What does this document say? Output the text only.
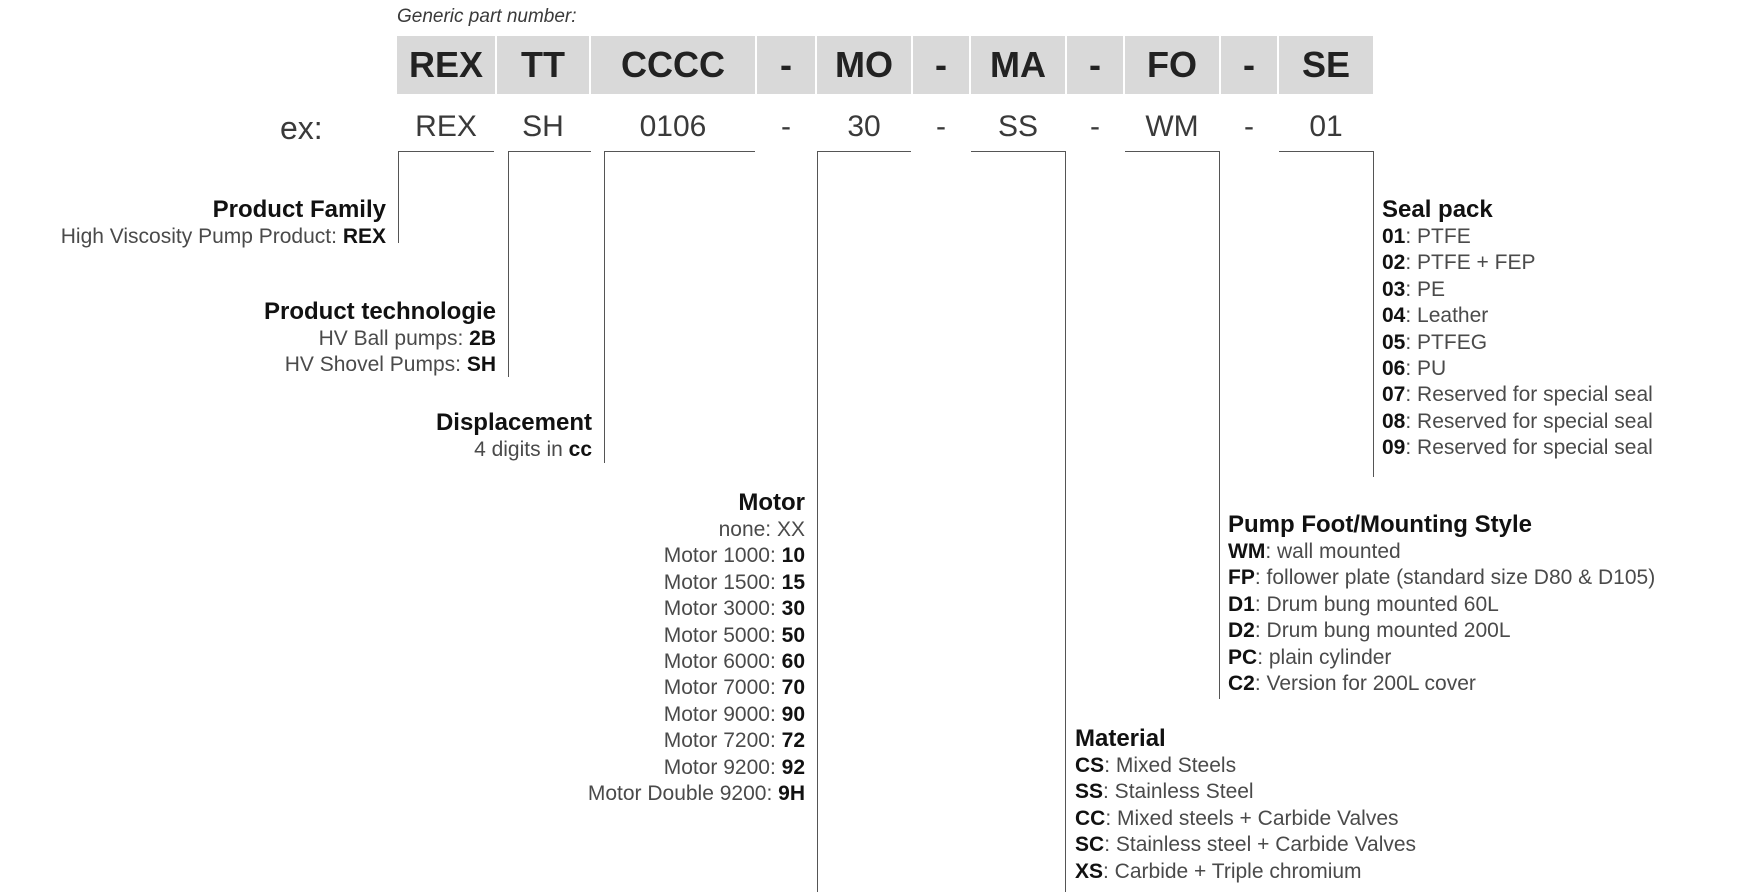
Generic part number:
REX	TT	CCCC	-	MO	-	MA	-	FO	-	SE
ex:	REX	SH	0106	-	30	-	SS	-	WM	-	01
Product Family
High Viscosity Pump Product: REX
Product technologie
HV Ball pumps: 2B
HV Shovel Pumps: SH
Displacement
4 digits in cc
Motor
none: XX
Motor 1000: 10
Motor 1500: 15
Motor 3000: 30
Motor 5000: 50
Motor 6000: 60
Motor 7000: 70
Motor 9000: 90
Motor 7200: 72
Motor 9200: 92
Motor Double 9200: 9H
Material
CS: Mixed Steels
SS: Stainless Steel
CC: Mixed steels + Carbide Valves
SC: Stainless steel + Carbide Valves
XS: Carbide + Triple chromium
Pump Foot/Mounting Style
WM: wall mounted
FP: follower plate (standard size D80 & D105)
D1: Drum bung mounted 60L
D2: Drum bung mounted 200L
PC: plain cylinder
C2: Version for 200L cover
Seal pack
01: PTFE
02: PTFE + FEP
03: PE
04: Leather
05: PTFEG
06: PU
07: Reserved for special seal
08: Reserved for special seal
09: Reserved for special seal
